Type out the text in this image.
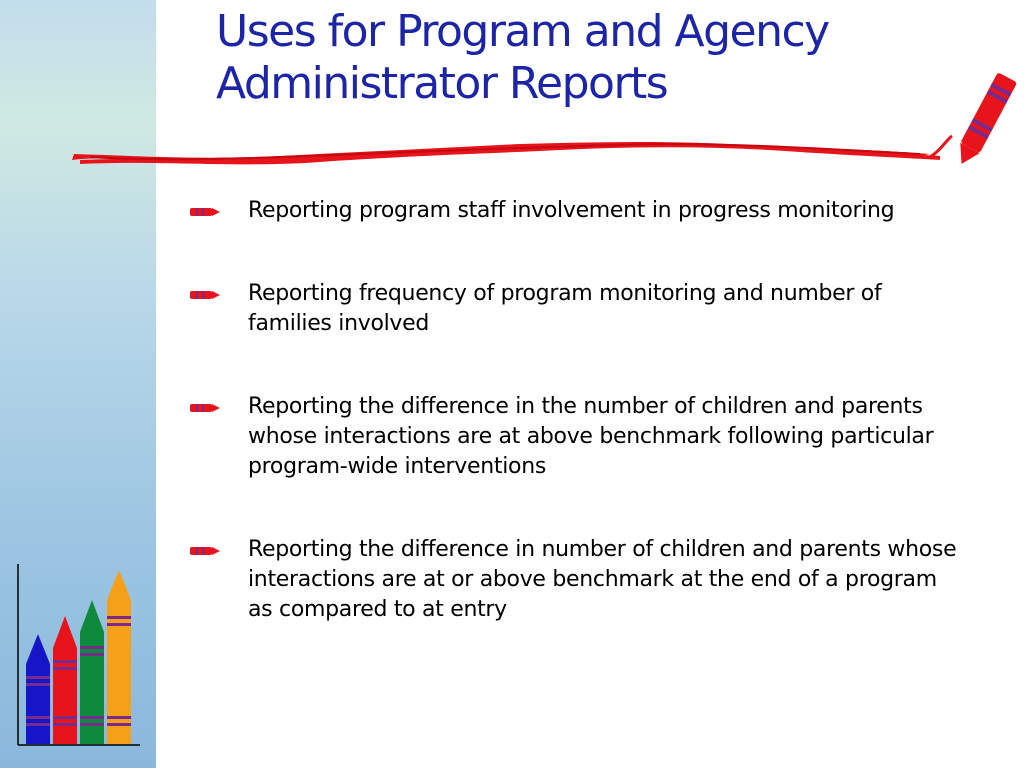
Uses for Program and Agency
Administrator Reports
Reporting program staff involvement in progress monitoring
Reporting frequency of program monitoring and number of families involved
Reporting the difference in the number of children and parents whose interactions are at above benchmark following particular program-wide interventions
Reporting the difference in number of children and parents whose interactions are at or above benchmark at the end of a program as compared to at entry
